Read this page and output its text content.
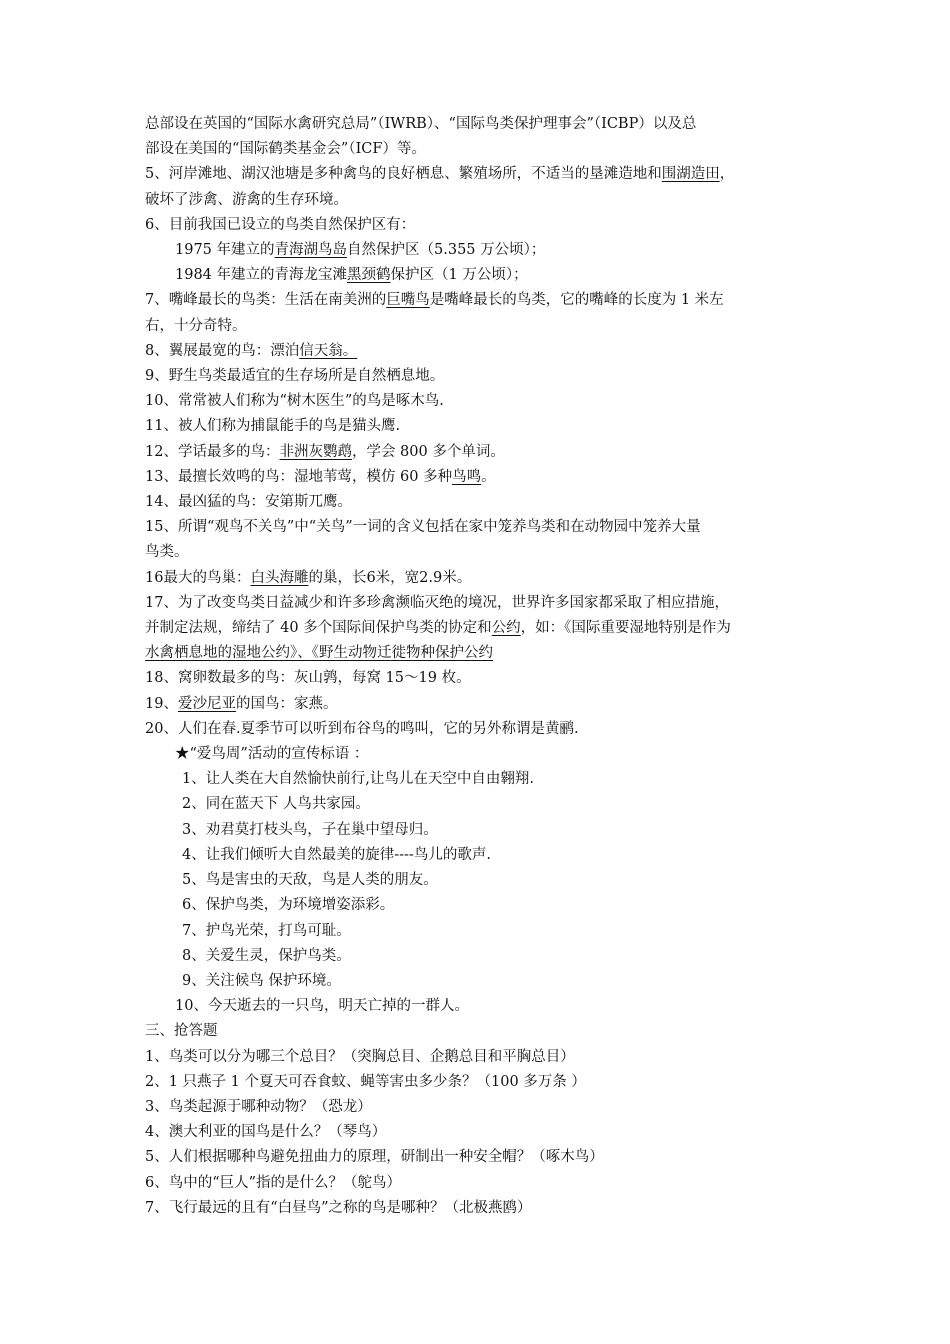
总部设在英国的“国际水禽研究总局”（IWRB）、“国际鸟类保护理事会”（ICBP）以及总
部设在美国的“国际鹤类基金会”（ICF）等。
5、河岸滩地、湖汉池塘是多种禽鸟的良好栖息、繁殖场所，不适当的垦滩造地和围湖造田，
破坏了涉禽、游禽的生存环境。
6、目前我国已设立的鸟类自然保护区有：
1975 年建立的青海湖鸟岛自然保护区（5.355 万公顷）；
1984 年建立的青海龙宝滩黑颈鹤保护区（1 万公顷）；
7、嘴峰最长的鸟类：生活在南美洲的巨嘴鸟是嘴峰最长的鸟类，它的嘴峰的长度为 1 米左
右，十分奇特。
8、翼展最宽的鸟：漂泊信天翁。
9、野生鸟类最适宜的生存场所是自然栖息地。
10、常常被人们称为“树木医生”的鸟是啄木鸟.
11、被人们称为捕鼠能手的鸟是猫头鹰.
12、学话最多的鸟：非洲灰鹦鹉，学会 800 多个单词。
13、最擅长效鸣的鸟：湿地苇莺，模仿 60 多种鸟鸣。
14、最凶猛的鸟：安第斯兀鹰。
15、所谓“观鸟不关鸟”中“关鸟”一词的含义包括在家中笼养鸟类和在动物园中笼养大量
鸟类。
16最大的鸟巢：白头海雕的巢，长6米，宽2.9米。
17、为了改变鸟类日益减少和许多珍禽濒临灭绝的境况，世界许多国家都采取了相应措施，
并制定法规，缔结了 40 多个国际间保护鸟类的协定和公约，如：《国际重要湿地特别是作为
水禽栖息地的湿地公约》、《野生动物迁徙物种保护公约
18、窝卵数最多的鸟：灰山鹑，每窝 15～19 枚。
19、爱沙尼亚的国鸟：家燕。
20、人们在春.夏季节可以听到布谷鸟的鸣叫，它的另外称谓是黄鹂.
★“爱鸟周”活动的宣传标语 ：
1、让人类在大自然愉快前行,让鸟儿在天空中自由翱翔.
2、同在蓝天下 人鸟共家园。
3、劝君莫打枝头鸟，子在巢中望母归。
4、让我们倾听大自然最美的旋律----鸟儿的歌声.
5、鸟是害虫的天敌，鸟是人类的朋友。
6、保护鸟类，为环境增姿添彩。
7、护鸟光荣，打鸟可耻。
8、关爱生灵，保护鸟类。
9、关注候鸟 保护环境。
10、今天逝去的一只鸟，明天亡掉的一群人。
三、抢答题
1、鸟类可以分为哪三个总目？（突胸总目、企鹅总目和平胸总目）
2、1 只燕子 1 个夏天可吞食蚊、蝇等害虫多少条？（100 多万条 ）
3、鸟类起源于哪种动物？（恐龙）
4、澳大利亚的国鸟是什么？（琴鸟）
5、人们根据哪种鸟避免扭曲力的原理，研制出一种安全帽？（啄木鸟）
6、鸟中的“巨人”指的是什么？（鸵鸟）
7、飞行最远的且有“白昼鸟”之称的鸟是哪种？（北极燕鸥）
